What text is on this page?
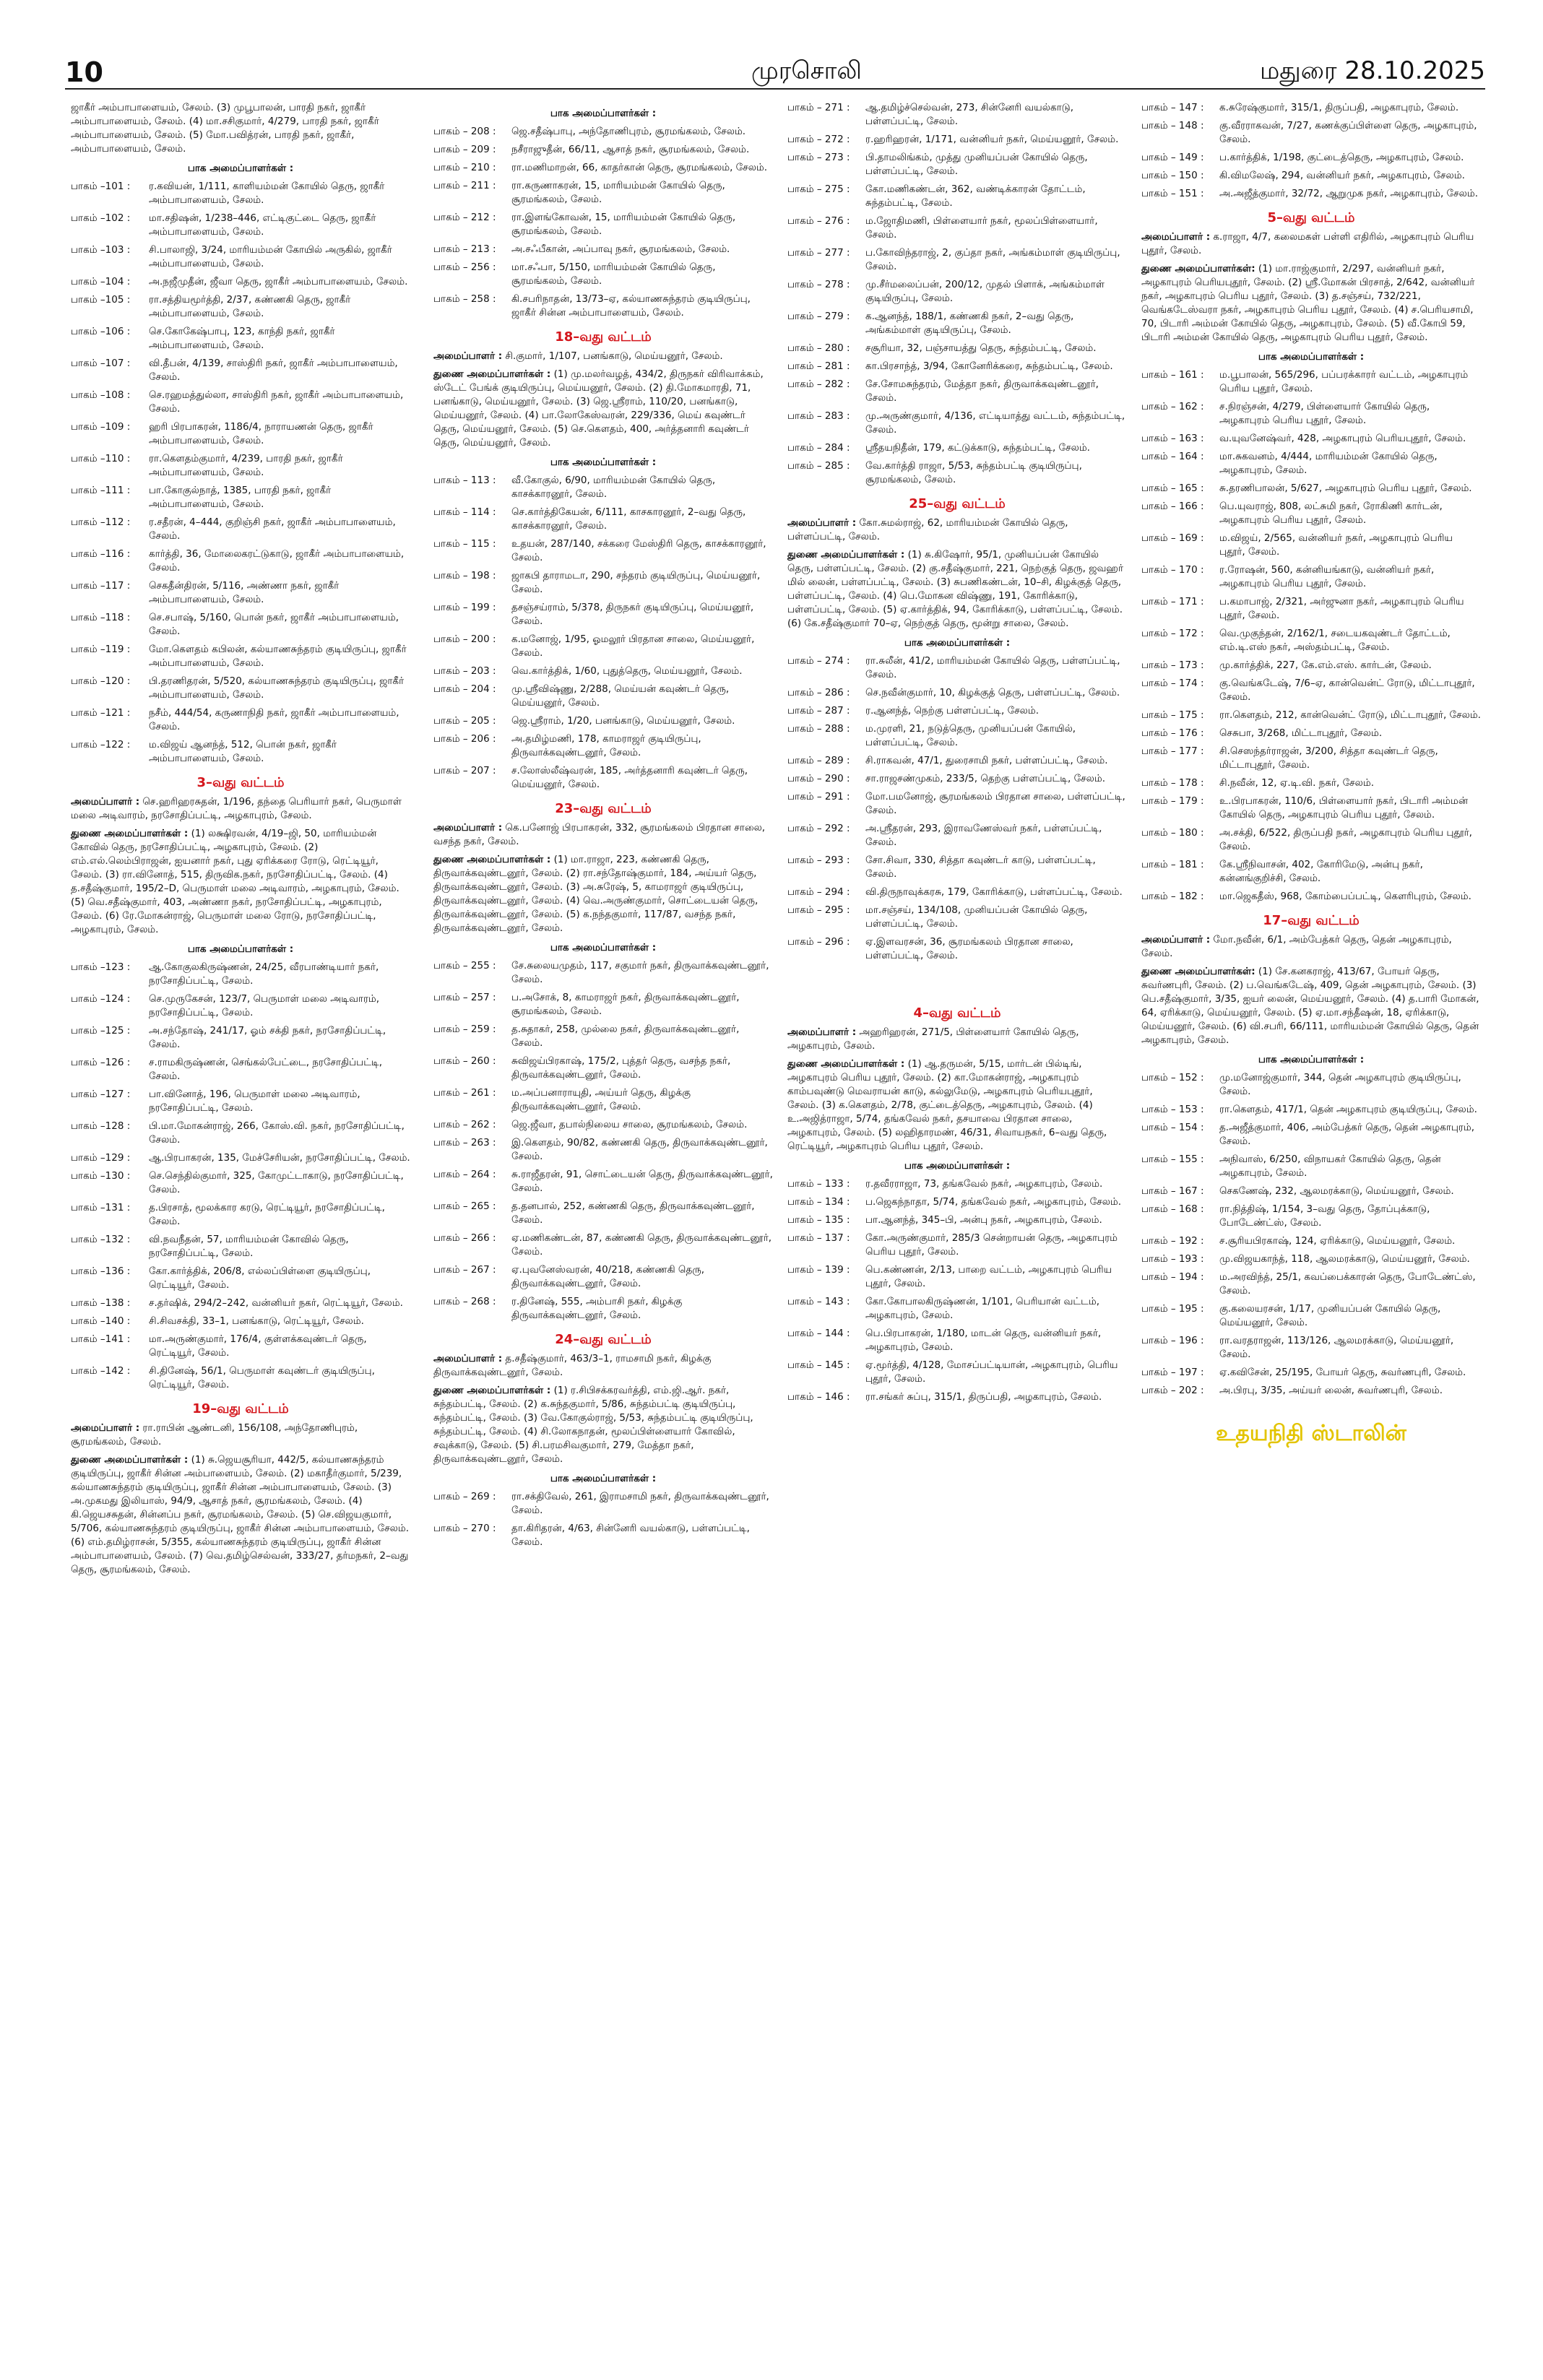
10	முரசொலி	மதுரை 28.10.2025

ஜாகீர் அம்பாபாளையம், சேலம். (3) முபூபாலன், பாரதி நகர், ஜாகீர் அம்பாபாளையம், சேலம். (4) மா.சசிகுமார், 4/279, பாரதி நகர், ஜாகீர் அம்பாபாளையம், சேலம். (5) மோ.பவித்ரன், பாரதி நகர், ஜாகீர், அம்பாபாளையம், சேலம்.

பாக அமைப்பாளர்கள் :
பாகம் –101 :	ர.கவியன், 1/111, காளியம்மன் கோயில் தெரு, ஜாகீர் அம்பாபாளையம், சேலம்.
பாகம் –102 :	மா.சதிஷன், 1/238–446, எட்டிகுட்டை தெரு, ஜாகீர் அம்பாபாளையம், சேலம்.
பாகம் –103 :	சி.பாலாஜி, 3/24, மாரியம்மன் கோயில் அருகில், ஜாகீர் அம்பாபாளையம், சேலம்.
பாகம் –104 :	அ.நஜீமுதீன், ஜீவா தெரு, ஜாகீர் அம்பாபாளையம், சேலம்.
பாகம் –105 :	ரா.சத்தியமூர்த்தி, 2/37, கண்ணகி தெரு, ஜாகீர் அம்பாபாளையம், சேலம்.
பாகம் –106 :	செ.கோகேஷ்பாபு, 123, காந்தி நகர், ஜாகீர் அம்பாபாளையம், சேலம்.
பாகம் –107 :	வி.தீபன், 4/139, சாஸ்திரி நகர், ஜாகீர் அம்பாபாளையம், சேலம்.
பாகம் –108 :	செ.ரஹமத்துல்லா, சாஸ்திரி நகர், ஜாகீர் அம்பாபாளையம், சேலம்.
பாகம் –109 :	ஹரி பிரபாகரன், 1186/4, நாராயணன் தெரு, ஜாகீர் அம்பாபாளையம், சேலம்.
பாகம் –110 :	ரா.கௌதம்குமார், 4/239, பாரதி நகர், ஜாகீர் அம்பாபாளையம், சேலம்.
பாகம் –111 :	பா.கோகுல்நாத், 1385, பாரதி நகர், ஜாகீர் அம்பாபாளையம், சேலம்.
பாகம் –112 :	ர.சதீரன், 4–444, குறிஞ்சி நகர், ஜாகீர் அம்பாபாளையம், சேலம்.
பாகம் –116 :	கார்த்தி, 36, மோலைகரட்டுகாடு, ஜாகீர் அம்பாபாளையம், சேலம்.
பாகம் –117 :	செகதீன்திரன், 5/116, அண்ணா நகர், ஜாகீர் அம்பாபாளையம், சேலம்.
பாகம் –118 :	செ.சபாஷ், 5/160, பொன் நகர், ஜாகீர் அம்பாபாளையம், சேலம்.
பாகம் –119 :	மோ.கௌதம் கபிலன், கல்யாணசுந்தரம் குடியிருப்பு, ஜாகீர் அம்பாபாளையம், சேலம்.
பாகம் –120 :	பி.தரணிதரன், 5/520, கல்யாணசுந்தரம் குடியிருப்பு, ஜாகீர் அம்பாபாளையம், சேலம்.
பாகம் –121 :	நசீம், 444/54, கருணாநிதி நகர், ஜாகீர் அம்பாபாளையம், சேலம்.
பாகம் –122 :	ம.விஜய் ஆனந்த், 512, பொன் நகர், ஜாகீர் அம்பாபாளையம், சேலம்.
3–வது வட்டம்
அமைப்பாளர் : செ.ஹரிஹரசுதன், 1/196, தந்தை பெரியார் நகர், பெருமாள் மலை அடிவாரம், நரசோதிப்பட்டி, அழகாபுரம், சேலம்.
துணை அமைப்பாளர்கள் : (1) லக்ஷிரவன், 4/19–ஜி, 50, மாரியம்மன் கோவில் தெரு, நரசோதிப்பட்டி, அழகாபுரம், சேலம். (2) எம்.எல்.லெம்பிராஜன், ஐயனார் நகர், புது ஏரிக்கரை ரோடு, ரெட்டியூர், சேலம். (3) ரா.வினோத், 515, திருவிக.நகர், நரசோதிப்பட்டி, சேலம். (4) த.சதீஷ்குமார், 195/2–D, பெருமாள் மலை அடிவாரம், அழகாபுரம், சேலம். (5) வெ.சதீஷ்குமார், 403, அண்ணா நகர், நரசோதிப்பட்டி, அழகாபுரம், சேலம். (6) ரே.மோகன்ராஜ், பெருமாள் மலை ரோடு, நரசோதிப்பட்டி, அழகாபுரம், சேலம்.
பாக அமைப்பாளர்கள் :
பாகம் –123 :	ஆ.கோகுலகிருஷ்ணன், 24/25, வீரபாண்டியார் நகர், நரசோதிப்பட்டி, சேலம்.
பாகம் –124 :	செ.முருகேசன், 123/7, பெருமாள் மலை அடிவாரம், நரசோதிப்பட்டி, சேலம்.
பாகம் –125 :	அ.சந்தோஷ், 241/17, ஓம் சக்தி நகர், நரசோதிப்பட்டி, சேலம்.
பாகம் –126 :	ச.ராமகிருஷ்ணன், செங்கல்பேட்டை, நரசோதிப்பட்டி, சேலம்.
பாகம் –127 :	பா.வினோத், 196, பெருமாள் மலை அடிவாரம், நரசோதிப்பட்டி, சேலம்.
பாகம் –128 :	பி.மா.மோகன்ராஜ், 266, கோஸ்.வி. நகர், நரசோதிப்பட்டி, சேலம்.
பாகம் –129 :	ஆ.பிரபாகரன், 135, மேச்சேரியன், நரசோதிப்பட்டி, சேலம்.
பாகம் –130 :	செ.செந்தில்குமார், 325, கோமுட்டாகாடு, நரசோதிப்பட்டி, சேலம்.
பாகம் –131 :	த.பிரசாத், மூலக்கார கரடு, ரெட்டியூர், நரசோதிப்பட்டி, சேலம்.
பாகம் –132 :	வி.நவநீதன், 57, மாரியம்மன் கோவில் தெரு, நரசோதிப்பட்டி, சேலம்.
பாகம் –136 :	கோ.கார்த்திக், 206/8, எல்லப்பிள்ளை குடியிருப்பு, ரெட்டியூர், சேலம்.
பாகம் –138 :	ச.தர்ஷிக், 294/2–242, வன்னியர் நகர், ரெட்டியூர், சேலம்.
பாகம் –140 :	சி.சிவசக்தி, 33–1, பனங்காடு, ரெட்டியூர், சேலம்.
பாகம் –141 :	மா.அருண்குமார், 176/4, குள்ளக்கவுண்டர் தெரு, ரெட்டியூர், சேலம்.
பாகம் –142 :	சி.தினேஷ், 56/1, பெருமாள் கவுண்டர் குடியிருப்பு, ரெட்டியூர், சேலம்.
19–வது வட்டம்
அமைப்பாளர் : ரா.ராபின் ஆண்டனி, 156/108, அந்தோணிபுரம், சூரமங்கலம், சேலம்.
துணை அமைப்பாளர்கள் : (1) சு.ஜெயசூரியா, 442/5, கல்யாணசுந்தரம் குடியிருப்பு, ஜாகீர் சின்ன அம்பாளையம், சேலம். (2) மகாதீர்குமார், 5/239, கல்யாணசுந்தரம் குடியிருப்பு, ஜாகீர் சின்ன அம்பாபாளையம், சேலம். (3) அ.முகமது இலியாஸ், 94/9, ஆசாத் நகர், சூரமங்கலம், சேலம். (4) கி.ஜெயசசுதன், சின்னப்ப நகர், சூரமங்கலம், சேலம். (5) செ.விஜயகுமார், 5/706, கல்யாணசுந்தரம் குடியிருப்பு, ஜாகீர் சின்ன அம்பாபாளையம், சேலம். (6) எம்.தமிழ்ராசன், 5/355, கல்யாணசுந்தரம் குடியிருப்பு, ஜாகீர் சின்ன அம்பாபாளையம், சேலம். (7) வெ.தமிழ்செல்வன், 333/27, தர்மநகர், 2–வது தெரு, சூரமங்கலம், சேலம்.
பாக அமைப்பாளர்கள் :
பாகம் – 208 :	ஜெ.சதீஷ்பாபு, அந்தோணிபுரம், சூரமங்கலம், சேலம்.
பாகம் – 209 :	நசீராஜுதீன், 66/11, ஆசாத் நகர், சூரமங்கலம், சேலம்.
பாகம் – 210 :	ரா.மணிமாறன், 66, காதர்கான் தெரு, சூரமங்கலம், சேலம்.
பாகம் – 211 :	ரா.கருணாகரன், 15, மாரியம்மன் கோயில் தெரு, சூரமங்கலம், சேலம்.
பாகம் – 212 :	ரா.இளங்கோவன், 15, மாரியம்மன் கோயில் தெரு, சூரமங்கலம், சேலம்.
பாகம் – 213 :	அ.சஃபீகான், அப்பாவு நகர், சூரமங்கலம், சேலம்.
பாகம் – 256 :	மா.சஃபா, 5/150, மாரியம்மன் கோயில் தெரு, சூரமங்கலம், சேலம்.
பாகம் – 258 :	கி.சபரிநாதன், 13/73–ஏ, கல்யாணசுந்தரம் குடியிருப்பு, ஜாகீர் சின்ன அம்பாபாளையம், சேலம்.
18–வது வட்டம்
அமைப்பாளர் : சி.குமார், 1/107, பனங்காடு, மெய்யனூர், சேலம்.
துணை அமைப்பாளர்கள் : (1) மு.மலர்வழத், 434/2, திருநகர் விரிவாக்கம், ஸ்டேட் பேங்க் குடியிருப்பு, மெய்யனூர், சேலம். (2) தி.மோகமாரதி, 71, பனங்காடு, மெய்யனூர், சேலம். (3) ஜெ.ஸ்ரீராம், 110/20, பனங்காடு, மெய்யனூர், சேலம். (4) பா.லோகேஸ்வரன், 229/336, மெய் கவுண்டர் தெரு, மெய்யனூர், சேலம். (5) செ.கௌதம், 400, அர்த்தனாரி கவுண்டர் தெரு, மெய்யனூர், சேலம்.
பாக அமைப்பாளர்கள் :
பாகம் – 113 :	வீ.கோகுல், 6/90, மாரியம்மன் கோயில் தெரு, காசக்காரனூர், சேலம்.
பாகம் – 114 :	செ.கார்த்திகேயன், 6/111, காசகாரனூர், 2–வது தெரு, காசக்காரனூர், சேலம்.
பாகம் – 115 :	உதயன், 287/140, சக்கரை மேஸ்திரி தெரு, காசக்காரனூர், சேலம்.
பாகம் – 198 :	ஜாகபி தாராமடா, 290, சந்தரம் குடியிருப்பு, மெய்யனூர், சேலம்.
பாகம் – 199 :	தசஞ்சய்ராம், 5/378, திருநகர் குடியிருப்பு, மெய்யனூர், சேலம்.
பாகம் – 200 :	க.மனோஜ், 1/95, ஓமலூர் பிரதான சாலை, மெய்யனூர், சேலம்.
பாகம் – 203 :	வெ.கார்த்திக், 1/60, புதுத்தெரு, மெய்யனூர், சேலம்.
பாகம் – 204 :	மு.ஸ்ரீவிஷ்ணு, 2/288, மெய்யன் கவுண்டர் தெரு, மெய்யனூர், சேலம்.
பாகம் – 205 :	ஜெ.ஸ்ரீராம், 1/20, பனங்காடு, மெய்யனூர், சேலம்.
பாகம் – 206 :	அ.தமிழ்மணி, 178, காமராஜர் குடியிருப்பு, திருவாக்கவுண்டனூர், சேலம்.
பாகம் – 207 :	ச.லோஸ்லீஷ்வரன், 185, அர்த்தனாரி கவுண்டர் தெரு, மெய்யனூர், சேலம்.
23–வது வட்டம்
அமைப்பாளர் : கெ.பனோஜ் பிரபாகரன், 332, சூரமங்கலம் பிரதான சாலை, வசந்த நகர், சேலம்.
துணை அமைப்பாளர்கள் : (1) மா.ராஜா, 223, கண்ணகி தெரு, திருவாக்கவுண்டனூர், சேலம். (2) ரா.சந்தோஷ்குமார், 184, அய்யர் தெரு, திருவாக்கவுண்டனூர், சேலம். (3) அ.சுரேஷ், 5, காமராஜர் குடியிருப்பு, திருவாக்கவுண்டனூர், சேலம். (4) வெ.அருண்குமார், சொட்டையன் தெரு, திருவாக்கவுண்டனூர், சேலம். (5) க.நந்தகுமார், 117/87, வசந்த நகர், திருவாக்கவுண்டனூர், சேலம்.
பாக அமைப்பாளர்கள் :
பாகம் – 255 :	சே.சுலையமுதம், 117, சகுமார் நகர், திருவாக்கவுண்டனூர், சேலம்.
பாகம் – 257 :	ப.அசோக், 8, காமராஜர் நகர், திருவாக்கவுண்டனூர், சூரமங்கலம், சேலம்.
பாகம் – 259 :	த.சுதாகர், 258, முல்லை நகர், திருவாக்கவுண்டனூர், சேலம்.
பாகம் – 260 :	சுவிஜய்பிரகாஷ், 175/2, புத்தர் தெரு, வசந்த நகர், திருவாக்கவுண்டனூர், சேலம்.
பாகம் – 261 :	ம.அப்பனாராயுதி, அய்யர் தெரு, கிழக்கு திருவாக்கவுண்டனூர், சேலம்.
பாகம் – 262 :	ஜெ.ஜீவா, தபால்நிலைய சாலை, சூரமங்கலம், சேலம்.
பாகம் – 263 :	இ.கௌதம், 90/82, கண்ணகி தெரு, திருவாக்கவுண்டனூர், சேலம்.
பாகம் – 264 :	சு.ராஜீதரன், 91, சொட்டையன் தெரு, திருவாக்கவுண்டனூர், சேலம்.
பாகம் – 265 :	த.தனபால், 252, கண்ணகி தெரு, திருவாக்கவுண்டனூர், சேலம்.
பாகம் – 266 :	ஏ.மணிகண்டன், 87, கண்ணகி தெரு, திருவாக்கவுண்டனூர், சேலம்.
பாகம் – 267 :	ஏ.புவனேஸ்வரன், 40/218, கண்ணகி தெரு, திருவாக்கவுண்டனூர், சேலம்.
பாகம் – 268 :	ர.தினேஷ், 555, அம்பாசி நகர், கிழக்கு திருவாக்கவுண்டனூர், சேலம்.
24–வது வட்டம்
அமைப்பாளர் : த.சதீஷ்குமார், 463/3–1, ராமசாமி நகர், கிழக்கு திருவாக்கவுண்டனூர், சேலம்.
துணை அமைப்பாளர்கள் : (1) ர.சிபிசக்கரவர்த்தி, எம்.ஜி.ஆர். நகர், சுந்தம்பட்டி, சேலம். (2) க.சுந்தகுமார், 5/86, சுந்தம்பட்டி குடியிருப்பு, சுந்தம்பட்டி, சேலம். (3) வே.கோகுல்ராஜ், 5/53, சுந்தம்பட்டி குடியிருப்பு, சுந்தம்பட்டி, சேலம். (4) சி.லோகநாதன், மூலப்பிள்ளையார் கோவில், சவுக்காடு, சேலம். (5) சி.பரமசிவகுமார், 279, மேத்தா நகர், திருவாக்கவுண்டனூர், சேலம்.
பாக அமைப்பாளர்கள் :
பாகம் – 269 :	ரா.சக்திவேல், 261, இராமசாமி நகர், திருவாக்கவுண்டனூர், சேலம்.
பாகம் – 270 :	தா.கிரிதரன், 4/63, சின்னேரி வயல்காடு, பள்ளப்பட்டி, சேலம்.
பாகம் – 271 :	ஆ.தமிழ்ச்செல்வன், 273, சின்னேரி வயல்காடு, பள்ளப்பட்டி, சேலம்.
பாகம் – 272 :	ர.ஹரிஹரன், 1/171, வன்னியர் நகர், மெய்யனூர், சேலம்.
பாகம் – 273 :	பி.தாமலிங்கம், முத்து முனியப்பன் கோயில் தெரு, பள்ளப்பட்டி, சேலம்.
பாகம் – 275 :	கோ.மணிகண்டன், 362, வண்டிக்காரன் தோட்டம், சுந்தம்பட்டி, சேலம்.
பாகம் – 276 :	ம.ஜோதிமணி, பிள்ளையார் நகர், மூலப்பிள்ளையார், சேலம்.
பாகம் – 277 :	ப.கோவிந்தராஜ், 2, குப்தா நகர், அங்கம்மாள் குடியிருப்பு, சேலம்.
பாகம் – 278 :	மு.சீர்மலைப்பன், 200/12, முதல் பிளாக், அங்கம்மாள் குடியிருப்பு, சேலம்.
பாகம் – 279 :	க.ஆனந்த், 188/1, கண்ணகி நகர், 2–வது தெரு, அங்கம்மாள் குடியிருப்பு, சேலம்.
பாகம் – 280 :	சசூரியா, 32, பஞ்சாயத்து தெரு, சுந்தம்பட்டி, சேலம்.
பாகம் – 281 :	கா.பிரசாந்த், 3/94, கோனேரிக்கரை, சுந்தம்பட்டி, சேலம்.
பாகம் – 282 :	சே.சோமசுந்தரம், மேத்தா நகர், திருவாக்கவுண்டனூர், சேலம்.
பாகம் – 283 :	மு.அருண்குமார், 4/136, எட்டியாத்து வட்டம், சுந்தம்பட்டி, சேலம்.
பாகம் – 284 :	ஸ்ரீதயநிதீன், 179, கட்டுக்காடு, சுந்தம்பட்டி, சேலம்.
பாகம் – 285 :	வே.கார்த்தி ராஜா, 5/53, சுந்தம்பட்டி குடியிருப்பு, சூரமங்கலம், சேலம்.
25–வது வட்டம்
அமைப்பாளர் : கோ.சுமல்ராஜ், 62, மாரியம்மன் கோயில் தெரு, பள்ளப்பட்டி, சேலம்.
துணை அமைப்பாளர்கள் : (1) சு.கிஷோர், 95/1, முனியப்பன் கோயில் தெரு, பள்ளப்பட்டி, சேலம். (2) கு.சதீஷ்குமார், 221, நெற்குத் தெரு, ஜவஹர் மில் லைன், பள்ளப்பட்டி, சேலம். (3) சுபணிகண்டன், 10–சி, கிழக்குத் தெரு, பள்ளப்பட்டி, சேலம். (4) பெ.மோகன விஷ்ணு, 191, கோரிக்காடு, பள்ளப்பட்டி, சேலம். (5) ஏ.கார்த்திக், 94, கோரிக்காடு, பள்ளப்பட்டி, சேலம். (6) கே.சதீஷ்குமார் 70–ஏ, நெற்குத் தெரு, மூன்று சாலை, சேலம்.
பாக அமைப்பாளர்கள் :
பாகம் – 274 :	ரா.சுலீன், 41/2, மாரியம்மன் கோயில் தெரு, பள்ளப்பட்டி, சேலம்.
பாகம் – 286 :	செ.நவீன்குமார், 10, கிழக்குத் தெரு, பள்ளப்பட்டி, சேலம்.
பாகம் – 287 :	ர.ஆனந்த், நெற்கு பள்ளப்பட்டி, சேலம்.
பாகம் – 288 :	ம.முரளி, 21, நடுத்தெரு, முனியப்பன் கோயில், பள்ளப்பட்டி, சேலம்.
பாகம் – 289 :	சி.ராகவன், 47/1, துரைசாமி நகர், பள்ளப்பட்டி, சேலம்.
பாகம் – 290 :	சா.ராஜசண்முகம், 233/5, தெற்கு பள்ளப்பட்டி, சேலம்.
பாகம் – 291 :	மோ.பமனோஜ், சூரமங்கலம் பிரதான சாலை, பள்ளப்பட்டி, சேலம்.
பாகம் – 292 :	அ.ஸ்ரீதரன், 293, இராவணேஸ்வர் நகர், பள்ளப்பட்டி, சேலம்.
பாகம் – 293 :	சோ.சிவா, 330, சித்தா கவுண்டர் காடு, பள்ளப்பட்டி, சேலம்.
பாகம் – 294 :	வி.திருநாவுக்கரசு, 179, கோரிக்காடு, பள்ளப்பட்டி, சேலம்.
பாகம் – 295 :	மா.சஞ்சய், 134/108, முனியப்பன் கோயில் தெரு, பள்ளப்பட்டி, சேலம்.
பாகம் – 296 :	ஏ.இளவரசன், 36, சூரமங்கலம் பிரதான சாலை, பள்ளப்பட்டி, சேலம்.
4–வது வட்டம்
அமைப்பாளர் : அஹரிஹரன், 271/5, பிள்ளையார் கோயில் தெரு, அழகாபுரம், சேலம்.
துணை அமைப்பாளர்கள் : (1) ஆ.தருமன், 5/15, மார்டன் பில்டிங், அழகாபுரம் பெரிய புதூர், சேலம். (2) கா.மோகன்ராஜ், அழகாபுரம் காம்பவுண்டு மெவராயன் காடு, கல்லுமேடு, அழகாபுரம் பெரியபுதூர், சேலம். (3) க.கௌதம், 2/78, குட்டைத்தெரு, அழகாபுரம், சேலம். (4) உ.அஜித்ராஜா, 5/74, தங்கவேல் நகர், தசயாவை பிரதான சாலை, அழகாபுரம், சேலம். (5) லஹிதாரமண், 46/31, சிவாயநகர், 6–வது தெரு, ரெட்டியூர், அழகாபுரம் பெரிய புதூர், சேலம்.
பாக அமைப்பாளர்கள் :
பாகம் – 133 :	ர.தவீரராஜா, 73, தங்கவேல் நகர், அழகாபுரம், சேலம்.
பாகம் – 134 :	ப.ஜெகந்நாதா, 5/74, தங்கவேல் நகர், அழகாபுரம், சேலம்.
பாகம் – 135 :	பா.ஆனந்த், 345–பி, அன்பு நகர், அழகாபுரம், சேலம்.
பாகம் – 137 :	கோ.அருண்குமார், 285/3 சென்றாயன் தெரு, அழகாபுரம் பெரிய புதூர், சேலம்.
பாகம் – 139 :	பெ.கண்ணன், 2/13, பாறை வட்டம், அழகாபுரம் பெரிய புதூர், சேலம்.
பாகம் – 143 :	கோ.கோபாலகிருஷ்ணன், 1/101, பெரியான் வட்டம், அழகாபுரம், சேலம்.
பாகம் – 144 :	பெ.பிரபாகரன், 1/180, மாடன் தெரு, வன்னியர் நகர், அழகாபுரம், சேலம்.
பாகம் – 145 :	ஏ.மூர்த்தி, 4/128, மோசப்பட்டியான், அழகாபுரம், பெரிய புதூர், சேலம்.
பாகம் – 146 :	ரா.சங்கர் சுப்பு, 315/1, திருப்பதி, அழகாபுரம், சேலம்.
பாகம் – 147 :	க.சுரேஷ்குமார், 315/1, திருப்பதி, அழகாபுரம், சேலம்.
பாகம் – 148 :	கு.வீரராகவன், 7/27, கணக்குப்பிள்ளை தெரு, அழகாபுரம், சேலம்.
பாகம் – 149 :	ப.கார்த்திக், 1/198, குட்டைத்தெரு, அழகாபுரம், சேலம்.
பாகம் – 150 :	கி.விமலேஷ், 294, வன்னியர் நகர், அழகாபுரம், சேலம்.
பாகம் – 151 :	அ.அஜீத்குமார், 32/72, ஆறுமுக நகர், அழகாபுரம், சேலம்.
5–வது வட்டம்
அமைப்பாளர் : க.ராஜா, 4/7, கலைமகள் பள்ளி எதிரில், அழகாபுரம் பெரிய புதூர், சேலம்.
துணை அமைப்பாளர்கள்: (1) மா.ராஜ்குமார், 2/297, வன்னியர் நகர், அழகாபுரம் பெரியபுதூர், சேலம். (2) ஸ்ரீ.மோகன் பிரசாத், 2/642, வன்னியர் நகர், அழகாபுரம் பெரிய புதூர், சேலம். (3) த.சஞ்சய், 732/221, வெங்கடேஸ்வரா நகர், அழகாபுரம் பெரிய புதூர், சேலம். (4) ச.பெரியசாமி, 70, பிடாரி அம்மன் கோயில் தெரு, அழகாபுரம், சேலம். (5) வீ.கோபி 59, பிடாரி அம்மன் கோயில் தெரு, அழகாபுரம் பெரிய புதூர், சேலம்.
பாக அமைப்பாளர்கள் :
பாகம் – 161 :	ம.பூபாலன், 565/296, பப்பரக்காரர் வட்டம், அழகாபுரம் பெரிய புதூர், சேலம்.
பாகம் – 162 :	ச.நிரஞ்சன், 4/279, பிள்ளையார் கோயில் தெரு, அழகாபுரம் பெரிய புதூர், சேலம்.
பாகம் – 163 :	வ.யுவனேஷ்வர், 428, அழகாபுரம் பெரியபுதூர், சேலம்.
பாகம் – 164 :	மா.சுகவனம், 4/444, மாரியம்மன் கோயில் தெரு, அழகாபுரம், சேலம்.
பாகம் – 165 :	சு.தரணிபாலன், 5/627, அழகாபுரம் பெரிய புதூர், சேலம்.
பாகம் – 166 :	பெ.யுவராஜ், 808, லட்சுமி நகர், ரோகிணி கார்டன், அழகாபுரம் பெரிய புதூர், சேலம்.
பாகம் – 169 :	ம.விஜய், 2/565, வன்னியர் நகர், அழகாபுரம் பெரிய புதூர், சேலம்.
பாகம் – 170 :	ர.ரோஷன், 560, கன்னியங்காடு, வன்னியர் நகர், அழகாபுரம் பெரிய புதூர், சேலம்.
பாகம் – 171 :	ப.கமாபாஜ், 2/321, அர்ஜுனா நகர், அழகாபுரம் பெரிய புதூர், சேலம்.
பாகம் – 172 :	வெ.முகுந்தன், 2/162/1, சடையகவுண்டர் தோட்டம், எம்.டி.எஸ் நகர், அஸ்தம்பட்டி, சேலம்.
பாகம் – 173 :	மு.கார்த்திக், 227, கே.எம்.எஸ். கார்டன், சேலம்.
பாகம் – 174 :	கு.வெங்கடேஷ், 7/6–ஏ, கான்வென்ட் ரோடு, மிட்டாபுதூர், சேலம்.
பாகம் – 175 :	ரா.கௌதம், 212, கான்வென்ட் ரோடு, மிட்டாபுதூர், சேலம்.
பாகம் – 176 :	செசுபா, 3/268, மிட்டாபுதூர், சேலம்.
பாகம் – 177 :	சி.செஸந்தர்ராஜன், 3/200, சித்தா கவுண்டர் தெரு, மிட்டாபுதூர், சேலம்.
பாகம் – 178 :	சி.நவீன், 12, ஏ.டி.வி. நகர், சேலம்.
பாகம் – 179 :	உ.பிரபாகரன், 110/6, பிள்ளையார் நகர், பிடாரி அம்மன் கோயில் தெரு, அழகாபுரம் பெரிய புதூர், சேலம்.
பாகம் – 180 :	அ.சக்தி, 6/522, திருப்பதி நகர், அழகாபுரம் பெரிய புதூர், சேலம்.
பாகம் – 181 :	கே.ஸ்ரீநிவாசன், 402, கோரிமேடு, அன்பு நகர், கன்னங்குறிச்சி, சேலம்.
பாகம் – 182 :	மா.ஜெகதீஸ், 968, கோம்பைப்பட்டி, கௌரிபுரம், சேலம்.
17–வது வட்டம்
அமைப்பாளர் : மோ.நவீன், 6/1, அம்பேத்கர் தெரு, தென் அழகாபுரம், சேலம்.
துணை அமைப்பாளர்கள்: (1) சே.கனகராஜ், 413/67, போயர் தெரு, சுவர்ணபுரி, சேலம். (2) ப.வெங்கடேஷ், 409, தென் அழகாபுரம், சேலம். (3) பெ.சதீஷ்குமார், 3/35, ஐயர் லைன், மெய்யனூர், சேலம். (4) த.பாரி மோகன், 64, ஏரிக்காடு, மெய்யனூர், சேலம். (5) ஏ.மா.சந்தீஷன், 18, ஏரிக்காடு, மெய்யனூர், சேலம். (6) வி.சபரி, 66/111, மாரியம்மன் கோயில் தெரு, தென் அழகாபுரம், சேலம்.
பாக அமைப்பாளர்கள் :
பாகம் – 152 :	மு.மனோஜ்குமார், 344, தென் அழகாபுரம் குடியிருப்பு, சேலம்.
பாகம் – 153 :	ரா.கௌதம், 417/1, தென் அழகாபுரம் குடியிருப்பு, சேலம்.
பாகம் – 154 :	த.அஜீத்குமார், 406, அம்பேத்கர் தெரு, தென் அழகாபுரம், சேலம்.
பாகம் – 155 :	அநிவாஸ், 6/250, விநாயகர் கோயில் தெரு, தென் அழகாபுரம், சேலம்.
பாகம் – 167 :	செகணேஷ், 232, ஆலமரக்காடு, மெய்யனூர், சேலம்.
பாகம் – 168 :	ரா.நித்திஷ், 1/154, 3–வது தெரு, தோப்புக்காடு, போடேண்ட்ஸ், சேலம்.
பாகம் – 192 :	ச.சூரியபிரகாஷ், 124, ஏரிக்காடு, மெய்யனூர், சேலம்.
பாகம் – 193 :	மு.விஜயகாந்த், 118, ஆலமரக்காடு, மெய்யனூர், சேலம்.
பாகம் – 194 :	ம.அரவிந்த், 25/1, கவப்பைக்காரன் தெரு, போடேண்ட்ஸ், சேலம்.
பாகம் – 195 :	கு.கலையரசன், 1/17, முனியப்பன் கோயில் தெரு, மெய்யனூர், சேலம்.
பாகம் – 196 :	ரா.வரதராஜன், 113/126, ஆலமரக்காடு, மெய்யனூர், சேலம்.
பாகம் – 197 :	ஏ.கவிசேன், 25/195, போயர் தெரு, சுவர்ணபுரி, சேலம்.
பாகம் – 202 :	அ.பிரபு, 3/35, அய்யர் லைன், சுவர்ணபுரி, சேலம்.
உதயநிதி ஸ்டாலின்
